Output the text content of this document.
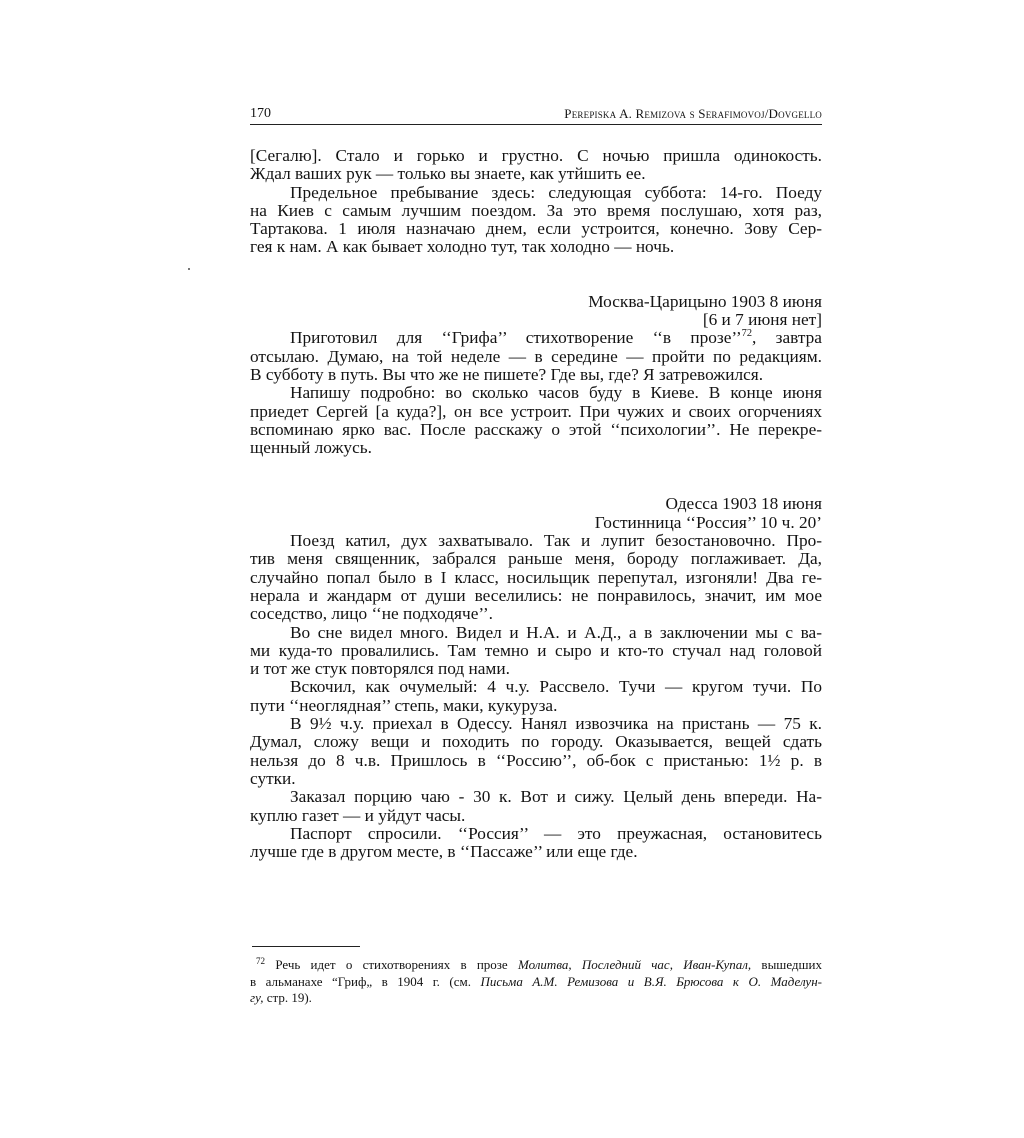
170	Perepiska A. Remizova s Serafimovoj/Dovgello
[Сегалю]. Стало и горько и грустно. С ночью пришла одинокость.
Ждал ваших рук — только вы знаете, как утйшить ее.
Предельное пребывание здесь: следующая суббота: 14-го. Поеду
на Киев с самым лучшим поездом. За это время послушаю, хотя раз,
Тартакова. 1 июля назначаю днем, если устроится, конечно. Зову Сер-
гея к нам. А как бывает холодно тут, так холодно — ночь.
Москва-Царицыно 1903 8 июня
[6 и 7 июня нет]
Приготовил для ‘‘Грифа’’ стихотворение ‘‘в прозе’’$^{72}$, завтра
отсылаю. Думаю, на той неделе — в середине — пройти по редакциям.
В субботу в путь. Вы что же не пишете? Где вы, где? Я затревожился.
Напишу подробно: во сколько часов буду в Киеве. В конце июня
приедет Сергей [а куда?], он все устроит. При чужих и своих огорчениях
вспоминаю ярко вас. После расскажу о этой ‘‘психологии’’. Не перекре-
щенный ложусь.
Одесса 1903 18 июня
Гостинница ‘‘Россия’’ 10 ч. 20’
Поезд катил, дух захватывало. Так и лупит безостановочно. Про-
тив меня священник, забрался раньше меня, бороду поглаживает. Да,
случайно попал было в I класс, носильщик перепутал, изгоняли! Два ге-
нерала и жандарм от души веселились: не понравилось, значит, им мое
соседство, лицо ‘‘не подходяче’’.
Во сне видел много. Видел и Н.А. и А.Д., а в заключении мы с ва-
ми куда-то провалились. Там темно и сыро и кто-то стучал над головой
и тот же стук повторялся под нами.
Вскочил, как очумелый: 4 ч.у. Рассвело. Тучи — кругом тучи. По
пути ‘‘неоглядная’’ степь, маки, кукуруза.
В 9½ ч.у. приехал в Одессу. Нанял извозчика на пристань — 75 к.
Думал, сложу вещи и походить по городу. Оказывается, вещей сдать
нельзя до 8 ч.в. Пришлось в ‘‘Россию’’, об-бок с пристанью: 1½ р. в
сутки.
Заказал порцию чаю - 30 к. Вот и сижу. Целый день впереди. На-
куплю газет — и уйдут часы.
Паспорт спросили. ‘‘Россия’’ — это преужасная, остановитесь
лучше где в другом месте, в ‘‘Пассаже’’ или еще где.
$^{72}$ Речь идет о стихотворениях в прозе Молитва, Последний час, Иван-Купал, вышедших
в альманахе “Гриф„ в 1904 г. (см. Письма А.М. Ремизова и В.Я. Брюсова к О. Маделун-
гу, стр. 19).
